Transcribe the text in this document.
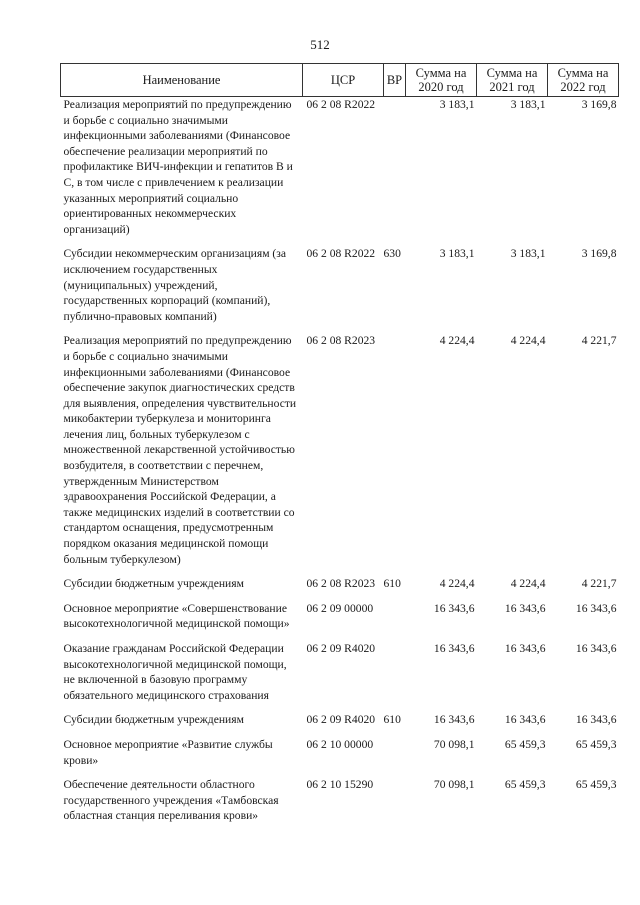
512
Наименование	ЦСР	ВР	Сумма на 2020 год	Сумма на 2021 год	Сумма на 2022 год
Реализация мероприятий по предупреждению и борьбе с социально значимыми инфекционными заболеваниями (Финансовое обеспечение реализации мероприятий по профилактике ВИЧ-инфекции и гепатитов В и С, в том числе с привлечением к реализации указанных мероприятий социально ориентированных некоммерческих организаций)	06 2 08 R2022		3 183,1	3 183,1	3 169,8
Субсидии некоммерческим организациям (за исключением государственных (муниципальных) учреждений, государственных корпораций (компаний), публично-правовых компаний)	06 2 08 R2022	630	3 183,1	3 183,1	3 169,8
Реализация мероприятий по предупреждению и борьбе с социально значимыми инфекционными заболеваниями (Финансовое обеспечение закупок диагностических средств для выявления, определения чувствительности микобактерии туберкулеза и мониторинга лечения лиц, больных туберкулезом с множественной лекарственной устойчивостью возбудителя, в соответствии с перечнем, утвержденным Министерством здравоохранения Российской Федерации, а также медицинских изделий в соответствии со стандартом оснащения, предусмотренным порядком оказания медицинской помощи больным туберкулезом)	06 2 08 R2023		4 224,4	4 224,4	4 221,7
Субсидии бюджетным учреждениям	06 2 08 R2023	610	4 224,4	4 224,4	4 221,7
Основное мероприятие «Совершенствование высокотехнологичной медицинской помощи»	06 2 09 00000		16 343,6	16 343,6	16 343,6
Оказание гражданам Российской Федерации высокотехнологичной медицинской помощи, не включенной в базовую программу обязательного медицинского страхования	06 2 09 R4020		16 343,6	16 343,6	16 343,6
Субсидии бюджетным учреждениям	06 2 09 R4020	610	16 343,6	16 343,6	16 343,6
Основное мероприятие «Развитие службы крови»	06 2 10 00000		70 098,1	65 459,3	65 459,3
Обеспечение деятельности областного государственного учреждения «Тамбовская областная станция переливания крови»	06 2 10 15290		70 098,1	65 459,3	65 459,3
